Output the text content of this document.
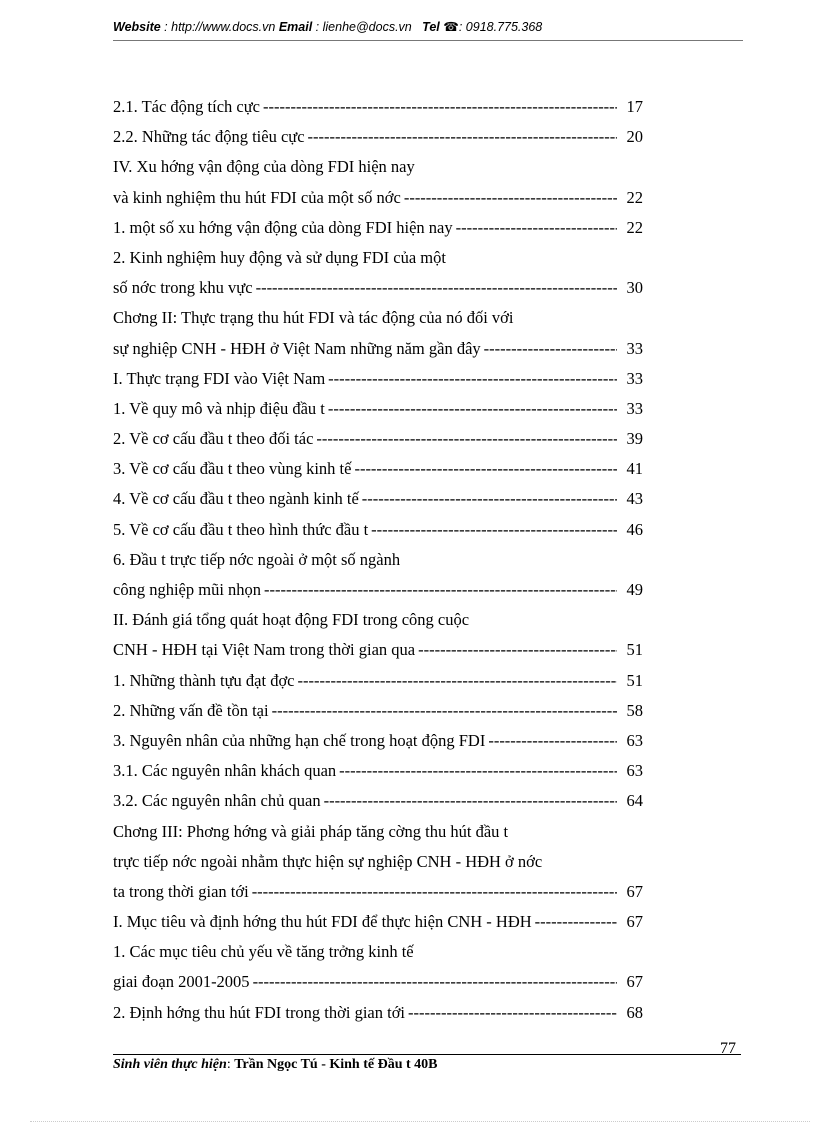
Website : http://www.docs.vn Email : lienhe@docs.vn Tel ☎: 0918.775.368
2.1. Tác động tích cực -----	17
2.2. Những tác động tiêu cực -----	20
IV. Xu hớng vận động của dòng FDI hiện nay
và kinh nghiệm thu hút FDI của một số nớc -----	22
1. một số xu hớng vận động của dòng FDI hiện nay -----	22
2. Kinh nghiệm huy động và sử dụng FDI của một
số nớc trong khu vực -----	30
Chơng II: Thực trạng thu hút FDI và tác động của nó đối với
sự nghiệp CNH - HĐH ở Việt Nam những năm gần đây -----	33
I. Thực trạng FDI vào Việt Nam -----	33
1. Về quy mô và nhịp điệu đầu t -----	33
2. Về cơ cấu đầu t theo đối tác -----	39
3. Về cơ cấu đầu t theo vùng kinh tế -----	41
4. Về cơ cấu đầu t theo ngành kinh tế -----	43
5. Về cơ cấu đầu t theo hình thức đầu t -----	46
6. Đầu t trực tiếp nớc ngoài ở một số ngành
công nghiệp mũi nhọn -----	49
II. Đánh giá tổng quát hoạt động FDI trong công cuộc
CNH - HĐH tại Việt Nam trong thời gian qua -----	51
1. Những thành tựu đạt đợc -----	51
2. Những vấn đề tồn tại -----	58
3. Nguyên nhân của những hạn chế trong hoạt động FDI -----	63
3.1. Các nguyên nhân khách quan -----	63
3.2. Các nguyên nhân chủ quan -----	64
Chơng III: Phơng hớng và giải pháp tăng cờng thu hút đầu t
trực tiếp nớc ngoài nhằm thực hiện sự nghiệp CNH - HĐH ở nớc
ta trong thời gian tới -----	67
I. Mục tiêu và định hớng thu hút FDI để thực hiện CNH - HĐH -----	67
1. Các mục tiêu chủ yếu về tăng trởng kinh tế
giai đoạn 2001-2005 -----	67
2. Định hớng thu hút FDI trong thời gian tới -----	68
77
Sinh viên thực hiện: Trần Ngọc Tú - Kinh tế Đầu t 40B
